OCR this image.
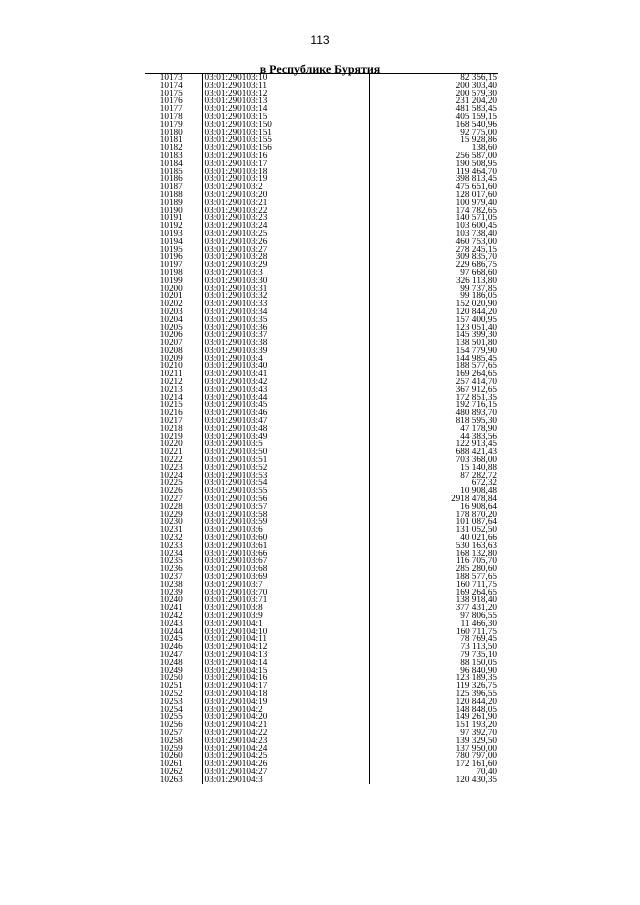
113
в Республике Бурятия
10173	03:01:290103:10	82 356,15
10174	03:01:290103:11	200 303,40
10175	03:01:290103:12	200 579,30
10176	03:01:290103:13	231 204,20
10177	03:01:290103:14	481 583,45
10178	03:01:290103:15	405 159,15
10179	03:01:290103:150	168 540,96
10180	03:01:290103:151	92 775,00
10181	03:01:290103:155	15 928,86
10182	03:01:290103:156	138,60
10183	03:01:290103:16	256 587,00
10184	03:01:290103:17	190 508,95
10185	03:01:290103:18	119 464,70
10186	03:01:290103:19	398 813,45
10187	03:01:290103:2	475 651,60
10188	03:01:290103:20	128 017,60
10189	03:01:290103:21	100 979,40
10190	03:01:290103:22	174 782,65
10191	03:01:290103:23	140 571,05
10192	03:01:290103:24	103 600,45
10193	03:01:290103:25	103 738,40
10194	03:01:290103:26	460 753,00
10195	03:01:290103:27	278 245,15
10196	03:01:290103:28	309 835,70
10197	03:01:290103:29	229 686,75
10198	03:01:290103:3	97 668,60
10199	03:01:290103:30	326 113,80
10200	03:01:290103:31	99 737,85
10201	03:01:290103:32	99 186,05
10202	03:01:290103:33	152 020,90
10203	03:01:290103:34	120 844,20
10204	03:01:290103:35	157 400,95
10205	03:01:290103:36	123 051,40
10206	03:01:290103:37	145 399,30
10207	03:01:290103:38	138 501,80
10208	03:01:290103:39	154 779,90
10209	03:01:290103:4	144 985,45
10210	03:01:290103:40	188 577,65
10211	03:01:290103:41	169 264,65
10212	03:01:290103:42	257 414,70
10213	03:01:290103:43	367 912,65
10214	03:01:290103:44	172 851,35
10215	03:01:290103:45	192 716,15
10216	03:01:290103:46	480 893,70
10217	03:01:290103:47	818 595,30
10218	03:01:290103:48	47 178,90
10219	03:01:290103:49	44 383,56
10220	03:01:290103:5	122 913,45
10221	03:01:290103:50	688 421,43
10222	03:01:290103:51	703 368,00
10223	03:01:290103:52	15 140,88
10224	03:01:290103:53	87 282,72
10225	03:01:290103:54	672,32
10226	03:01:290103:55	10 908,48
10227	03:01:290103:56	2918 478,84
10228	03:01:290103:57	16 908,64
10229	03:01:290103:58	178 870,20
10230	03:01:290103:59	101 087,64
10231	03:01:290103:6	131 052,50
10232	03:01:290103:60	40 021,66
10233	03:01:290103:61	530 163,63
10234	03:01:290103:66	168 132,80
10235	03:01:290103:67	116 705,70
10236	03:01:290103:68	285 280,60
10237	03:01:290103:69	188 577,65
10238	03:01:290103:7	160 711,75
10239	03:01:290103:70	169 264,65
10240	03:01:290103:71	138 918,40
10241	03:01:290103:8	377 431,20
10242	03:01:290103:9	97 806,55
10243	03:01:290104:1	11 466,30
10244	03:01:290104:10	160 711,75
10245	03:01:290104:11	78 769,45
10246	03:01:290104:12	73 113,50
10247	03:01:290104:13	79 735,10
10248	03:01:290104:14	88 150,05
10249	03:01:290104:15	96 840,90
10250	03:01:290104:16	123 189,35
10251	03:01:290104:17	119 326,75
10252	03:01:290104:18	125 396,55
10253	03:01:290104:19	120 844,20
10254	03:01:290104:2	148 848,05
10255	03:01:290104:20	149 261,90
10256	03:01:290104:21	151 193,20
10257	03:01:290104:22	97 392,70
10258	03:01:290104:23	139 329,50
10259	03:01:290104:24	137 950,00
10260	03:01:290104:25	780 797,00
10261	03:01:290104:26	172 161,60
10262	03:01:290104:27	70,40
10263	03:01:290104:3	120 430,35
